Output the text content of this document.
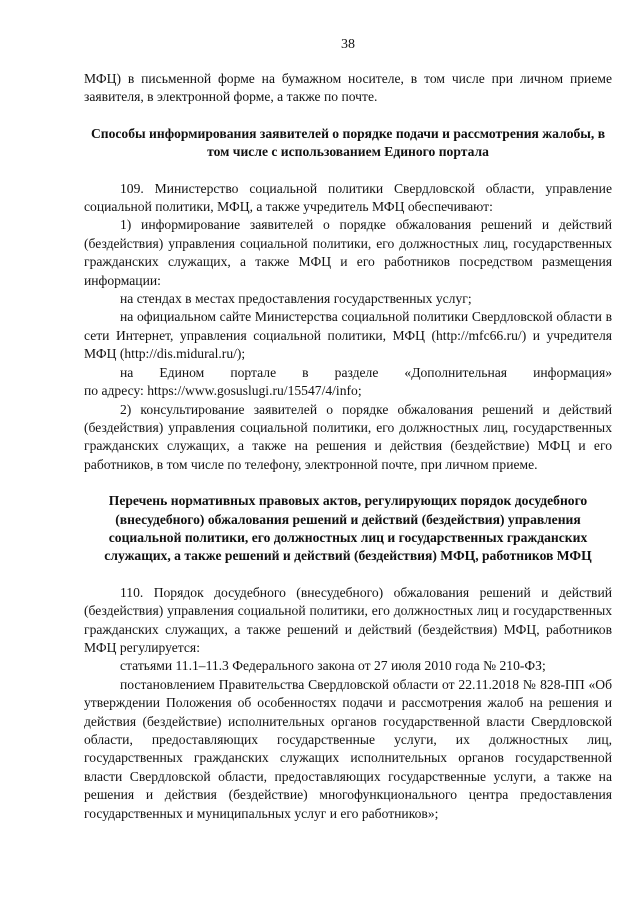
38

МФЦ) в письменной форме на бумажном носителе, в том числе при личном приеме заявителя, в электронной форме, а также по почте.

Способы информирования заявителей о порядке подачи и рассмотрения жалобы, в том числе с использованием Единого портала

109. Министерство социальной политики Свердловской области, управление социальной политики, МФЦ, а также учредитель МФЦ обеспечивают:

1) информирование заявителей о порядке обжалования решений и действий (бездействия) управления социальной политики, его должностных лиц, государственных гражданских служащих, а также МФЦ и его работников посредством размещения информации:

на стендах в местах предоставления государственных услуг;

на официальном сайте Министерства социальной политики Свердловской области в сети Интернет, управления социальной политики, МФЦ (http://mfc66.ru/) и учредителя МФЦ (http://dis.midural.ru/);

на Едином портале в разделе «Дополнительная информация»

по адресу: https://www.gosuslugi.ru/15547/4/info;

2) консультирование заявителей о порядке обжалования решений и действий (бездействия) управления социальной политики, его должностных лиц, государственных гражданских служащих, а также на решения и действия (бездействие) МФЦ и его работников, в том числе по телефону, электронной почте, при личном приеме.

Перечень нормативных правовых актов, регулирующих порядок досудебного (внесудебного) обжалования решений и действий (бездействия) управления социальной политики, его должностных лиц и государственных гражданских служащих, а также решений и действий (бездействия) МФЦ, работников МФЦ

110. Порядок досудебного (внесудебного) обжалования решений и действий (бездействия) управления социальной политики, его должностных лиц и государственных гражданских служащих, а также решений и действий (бездействия) МФЦ, работников МФЦ регулируется:

статьями 11.1–11.3 Федерального закона от 27 июля 2010 года № 210-ФЗ;

постановлением Правительства Свердловской области от 22.11.2018 № 828-ПП «Об утверждении Положения об особенностях подачи и рассмотрения жалоб на решения и действия (бездействие) исполнительных органов государственной власти Свердловской области, предоставляющих государственные услуги, их должностных лиц, государственных гражданских служащих исполнительных органов государственной власти Свердловской области, предоставляющих государственные услуги, а также на решения и действия (бездействие) многофункционального центра предоставления государственных и муниципальных услуг и его работников»;
